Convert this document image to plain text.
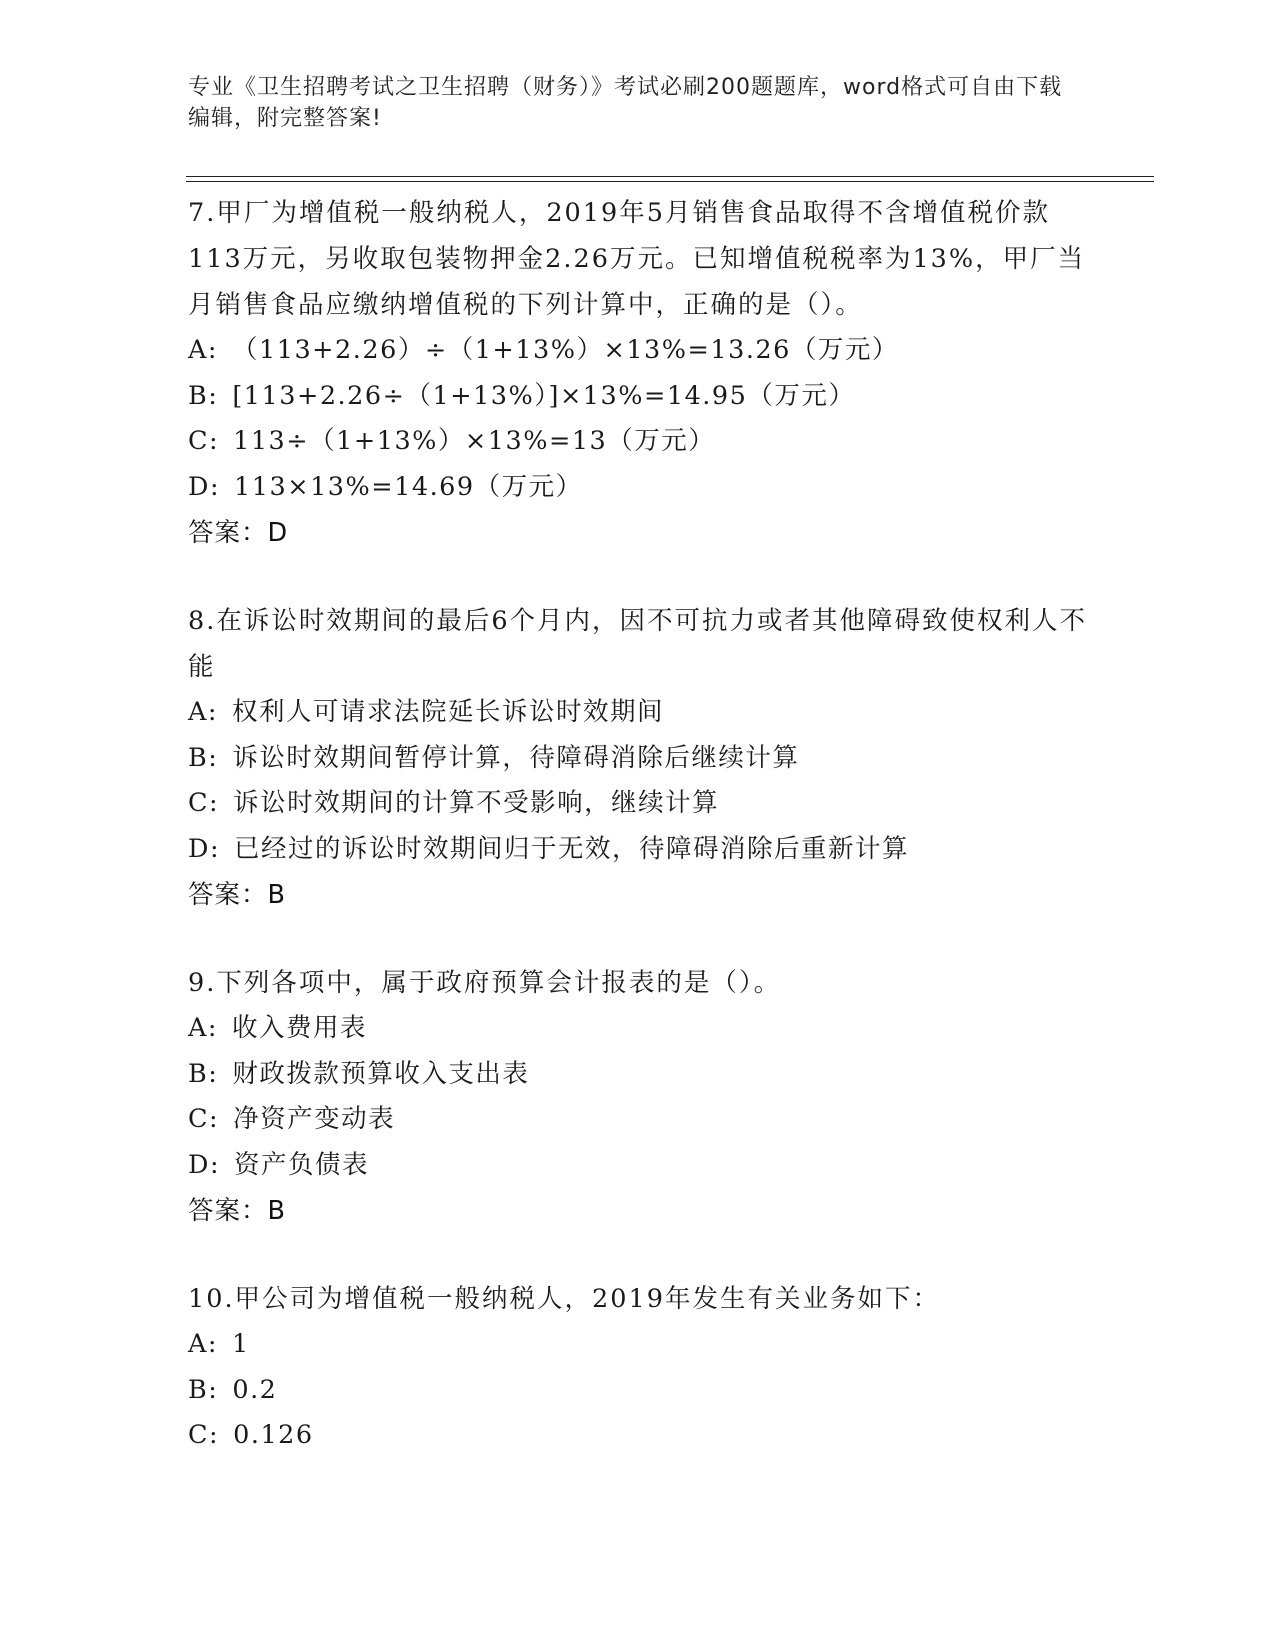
专业《卫生招聘考试之卫生招聘（财务）》考试必刷200题题库，word格式可自由下载编辑，附完整答案!
7.甲厂为增值税一般纳税人，2019年5月销售食品取得不含增值税价款113万元，另收取包装物押金2.26万元。已知增值税税率为13%，甲厂当月销售食品应缴纳增值税的下列计算中，正确的是（）。
A: （113+2.26）÷（1+13%）×13%=13.26（万元）
B: [113+2.26÷（1+13%）]×13%=14.95（万元）
C: 113÷（1+13%）×13%=13（万元）
D: 113×13%=14.69（万元）
答案：D
8.在诉讼时效期间的最后6个月内，因不可抗力或者其他障碍致使权利人不能
A: 权利人可请求法院延长诉讼时效期间
B: 诉讼时效期间暂停计算，待障碍消除后继续计算
C: 诉讼时效期间的计算不受影响，继续计算
D: 已经过的诉讼时效期间归于无效，待障碍消除后重新计算
答案：B
9.下列各项中，属于政府预算会计报表的是（）。
A: 收入费用表
B: 财政拨款预算收入支出表
C: 净资产变动表
D: 资产负债表
答案：B
10.甲公司为增值税一般纳税人，2019年发生有关业务如下：
A: 1
B: 0.2
C: 0.126
